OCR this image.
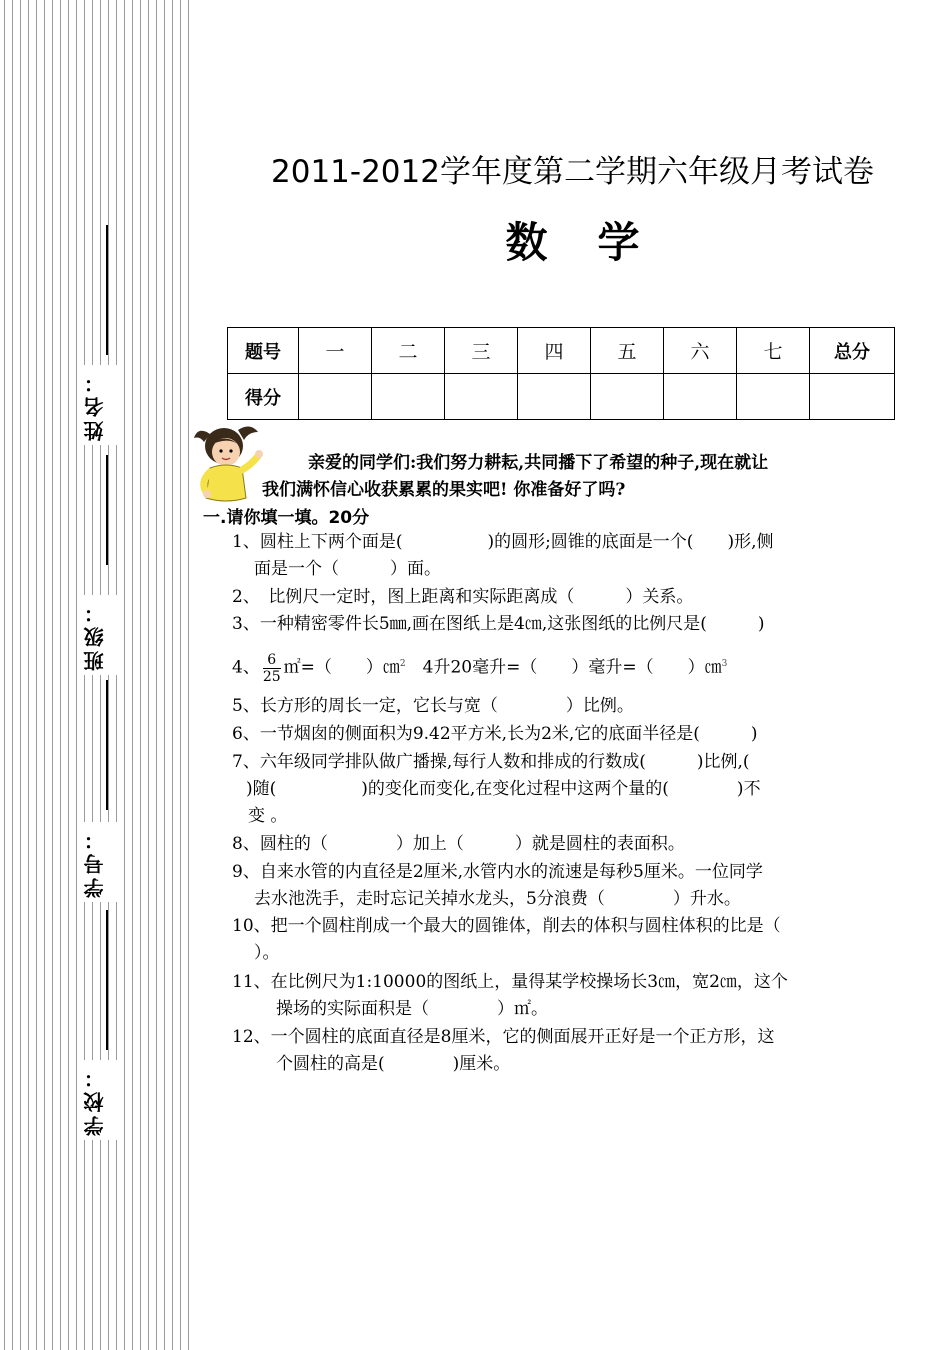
姓名：
班级：
学号：
学校：
2011-2012学年度第二学期六年级月考试卷
数学
题号	一	二	三	四	五	六	七	总分
得分								
亲爱的同学们:我们努力耕耘,共同播下了希望的种子,现在就让
我们满怀信心收获累累的果实吧! 你准备好了吗?
一.请你填一填。20分
1、圆柱上下两个面是(　　　　　)的圆形;圆锥的底面是一个(　　)形,侧
面是一个（　　　）面。
2、　比例尺一定时，图上距离和实际距离成（　　　）关系。
3、一种精密零件长5㎜,画在图纸上是4㎝,这张图纸的比例尺是(　　　)
4、 $\frac{6}{25}$ ㎡=（　　）㎝$^2$　4升20毫升=（　　）毫升=（　　）㎝$^3$
5、长方形的周长一定，它长与宽（　　　　）比例。
6、一节烟囱的侧面积为9.42平方米,长为2米,它的底面半径是(　　　)
7、六年级同学排队做广播操,每行人数和排成的行数成(　　　)比例,(
)随(　　　　　)的变化而变化,在变化过程中这两个量的(　　　　)不
变 。
8、圆柱的（　　　　）加上（　　　）就是圆柱的表面积。
9、自来水管的内直径是2厘米,水管内水的流速是每秒5厘米。一位同学
去水池洗手，走时忘记关掉水龙头，5分浪费（　　　　）升水。
10、把一个圆柱削成一个最大的圆锥体，削去的体积与圆柱体积的比是（
）。
11、在比例尺为1:10000的图纸上，量得某学校操场长3㎝，宽2㎝，这个
操场的实际面积是（　　　　）㎡。
12、一个圆柱的底面直径是8厘米，它的侧面展开正好是一个正方形，这
个圆柱的高是(　　　　)厘米。
